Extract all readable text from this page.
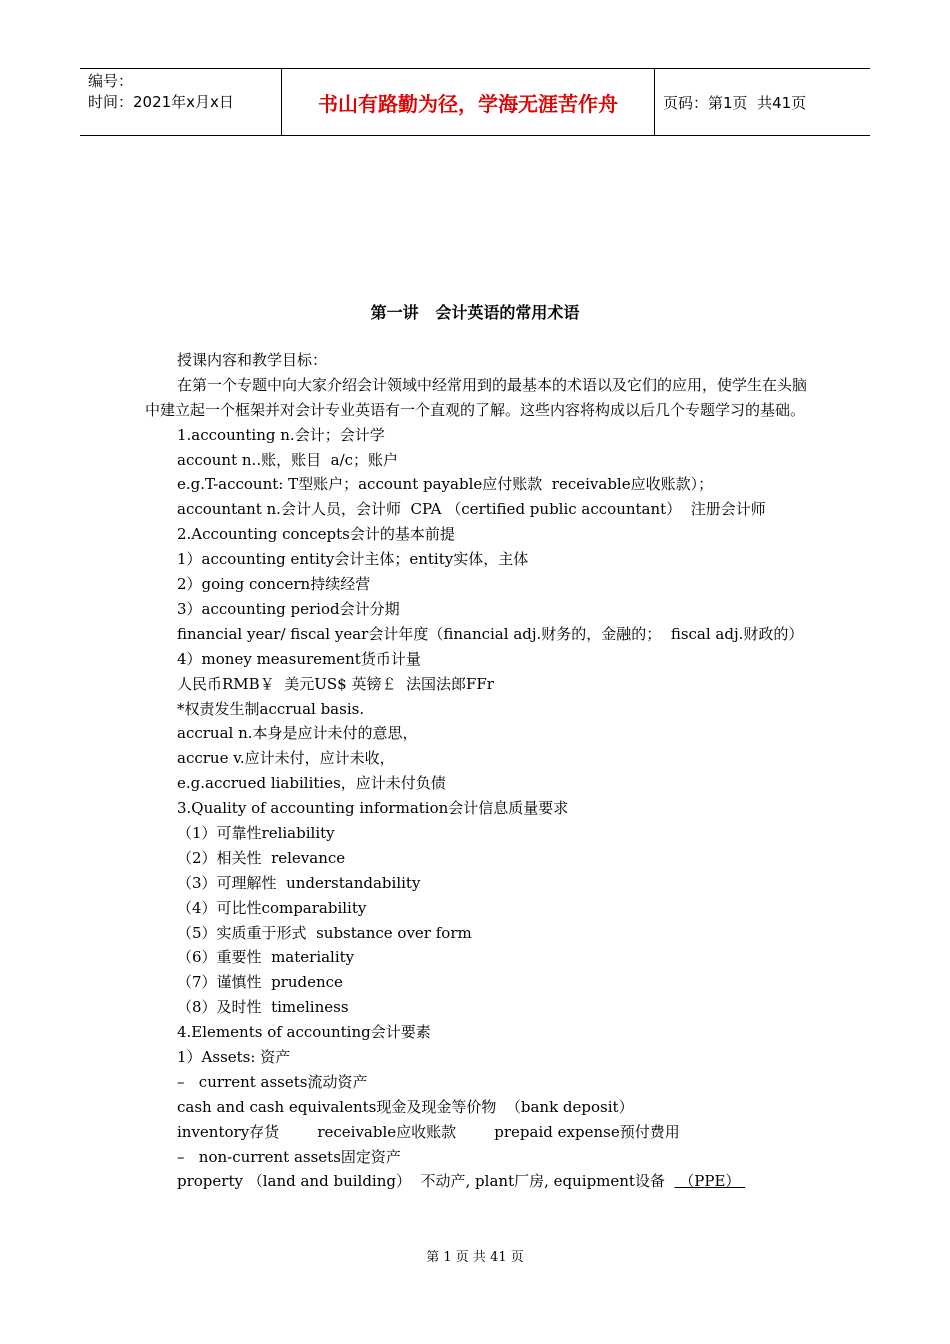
编号：
时间：2021年x月x日	书山有路勤为径，学海无涯苦作舟	页码：第1页  共41页
第一讲   会计英语的常用术语
授课内容和教学目标：
在第一个专题中向大家介绍会计领域中经常用到的最基本的术语以及它们的应用，使学生在头脑中建立起一个框架并对会计专业英语有一个直观的了解。这些内容将构成以后几个专题学习的基础。
1.accounting n.会计；会计学
account n..账，账目  a/c；账户
e.g.T-account: T型账户；account payable应付账款  receivable应收账款）；
accountant n.会计人员，会计师  CPA （certified public accountant）  注册会计师
2.Accounting concepts会计的基本前提
1）accounting entity会计主体；entity实体，主体
2）going concern持续经营
3）accounting period会计分期
financial year/ fiscal year会计年度（financial adj.财务的，金融的；  fiscal adj.财政的）
4）money measurement货币计量
人民币RMB￥  美元US$ 英镑￡  法国法郎FFr
*权责发生制accrual basis.
accrual n.本身是应计未付的意思，
accrue v.应计未付，应计未收，
e.g.accrued liabilities，应计未付负债
3.Quality of accounting information会计信息质量要求
（1）可靠性reliability
（2）相关性  relevance
（3）可理解性  understandability
（4）可比性comparability
（5）实质重于形式  substance over form
（6）重要性  materiality
（7）谨慎性  prudence
（8）及时性  timeliness
4.Elements of accounting会计要素
1）Assets: 资产
–   current assets流动资产
cash and cash equivalents现金及现金等价物  （bank deposit）
inventory存货        receivable应收账款        prepaid expense预付费用
–   non-current assets固定资产
property （land and building）  不动产, plant厂房, equipment设备   （PPE）
第 1 页 共 41 页
